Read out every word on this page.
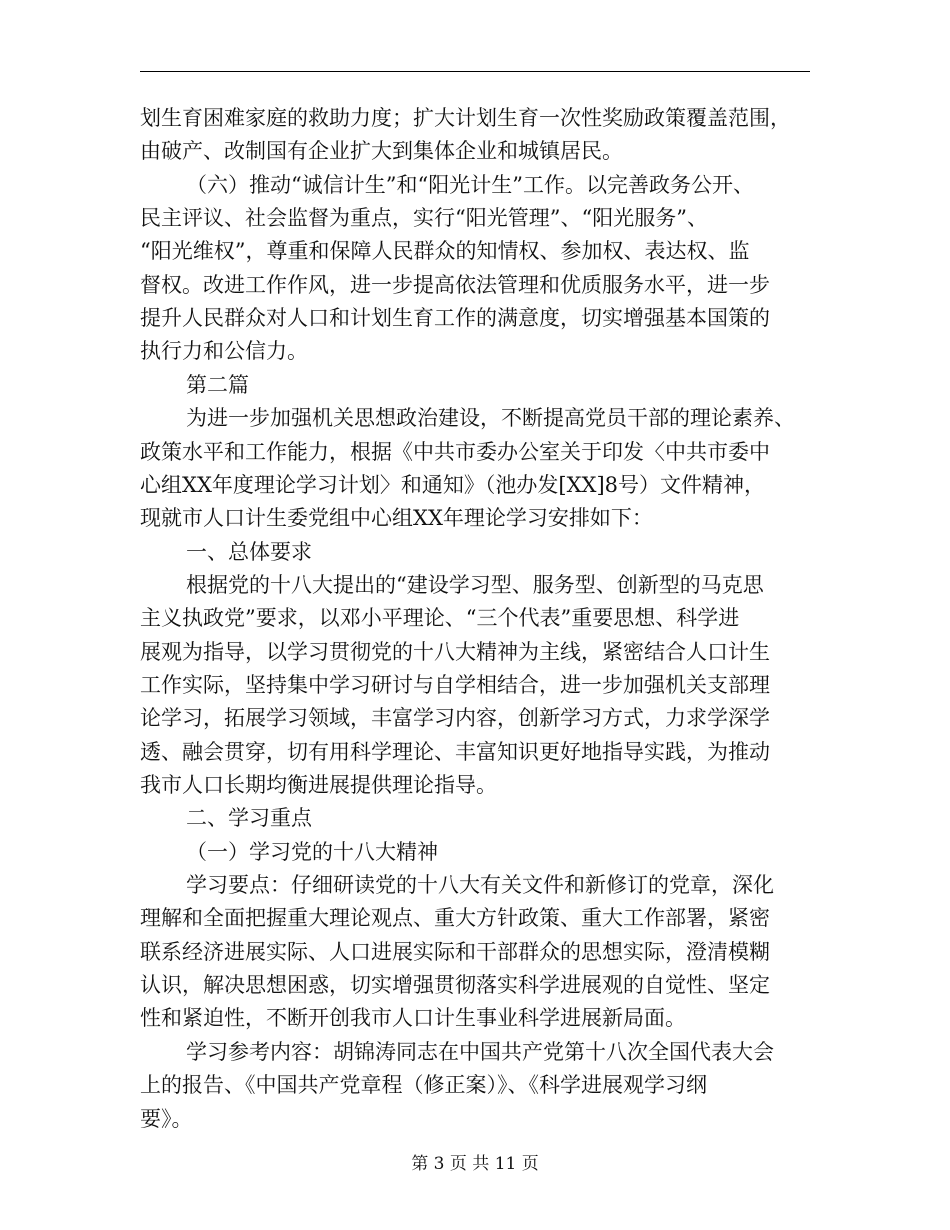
划生育困难家庭的救助力度；扩大计划生育一次性奖励政策覆盖范围，
由破产、改制国有企业扩大到集体企业和城镇居民。
（六）推动“诚信计生”和“阳光计生”工作。以完善政务公开、
民主评议、社会监督为重点，实行“阳光管理”、“阳光服务”、
“阳光维权”，尊重和保障人民群众的知情权、参加权、表达权、监
督权。改进工作作风，进一步提高依法管理和优质服务水平，进一步
提升人民群众对人口和计划生育工作的满意度，切实增强基本国策的
执行力和公信力。
第二篇
为进一步加强机关思想政治建设，不断提高党员干部的理论素养、
政策水平和工作能力，根据《中共市委办公室关于印发〈中共市委中
心组XX年度理论学习计划〉和通知》（池办发[XX]8号）文件精神，
现就市人口计生委党组中心组XX年理论学习安排如下：
一、总体要求
根据党的十八大提出的“建设学习型、服务型、创新型的马克思
主义执政党”要求，以邓小平理论、“三个代表”重要思想、科学进
展观为指导，以学习贯彻党的十八大精神为主线，紧密结合人口计生
工作实际，坚持集中学习研讨与自学相结合，进一步加强机关支部理
论学习，拓展学习领域，丰富学习内容，创新学习方式，力求学深学
透、融会贯穿，切有用科学理论、丰富知识更好地指导实践，为推动
我市人口长期均衡进展提供理论指导。
二、学习重点
（一）学习党的十八大精神
学习要点：仔细研读党的十八大有关文件和新修订的党章，深化
理解和全面把握重大理论观点、重大方针政策、重大工作部署，紧密
联系经济进展实际、人口进展实际和干部群众的思想实际，澄清模糊
认识，解决思想困惑，切实增强贯彻落实科学进展观的自觉性、坚定
性和紧迫性，不断开创我市人口计生事业科学进展新局面。
学习参考内容：胡锦涛同志在中国共产党第十八次全国代表大会
上的报告、《中国共产党章程（修正案）》、《科学进展观学习纲
要》。
第 3 页 共 11 页
